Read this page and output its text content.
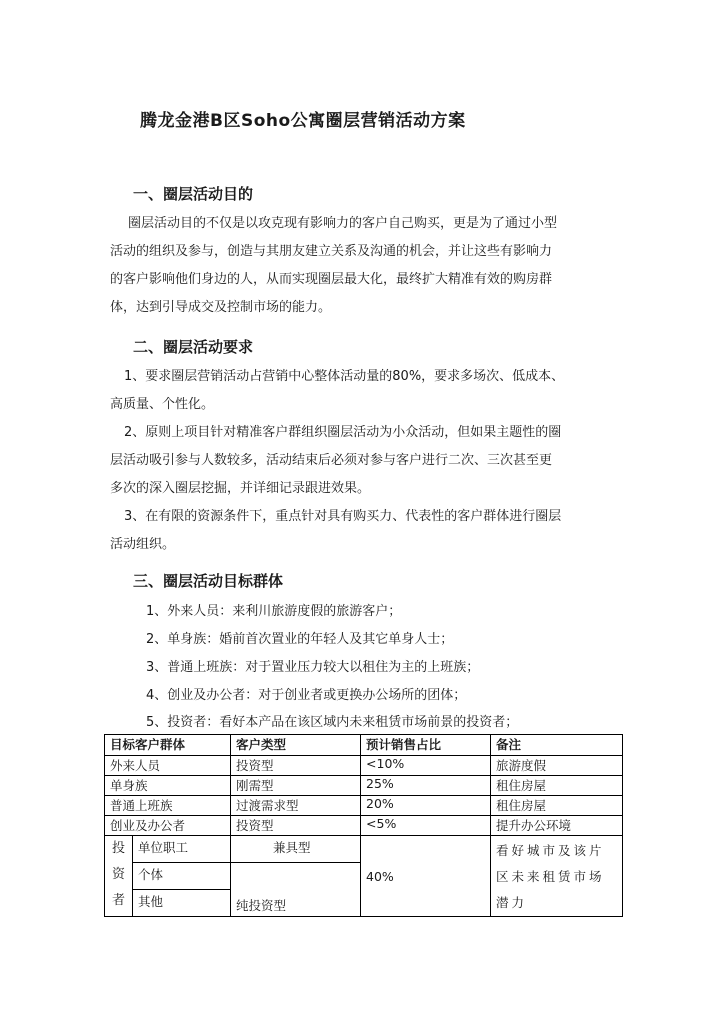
腾龙金港B区Soho公寓圈层营销活动方案
一、圈层活动目的
圈层活动目的不仅是以攻克现有影响力的客户自己购买，更是为了通过小型
活动的组织及参与，创造与其朋友建立关系及沟通的机会，并让这些有影响力
的客户影响他们身边的人，从而实现圈层最大化，最终扩大精准有效的购房群
体，达到引导成交及控制市场的能力。
二、圈层活动要求
1、要求圈层营销活动占营销中心整体活动量的80%，要求多场次、低成本、
高质量、个性化。
2、原则上项目针对精准客户群组织圈层活动为小众活动，但如果主题性的圈
层活动吸引参与人数较多，活动结束后必须对参与客户进行二次、三次甚至更
多次的深入圈层挖掘，并详细记录跟进效果。
3、在有限的资源条件下，重点针对具有购买力、代表性的客户群体进行圈层
活动组织。
三、圈层活动目标群体
1、外来人员：来利川旅游度假的旅游客户；
2、单身族：婚前首次置业的年轻人及其它单身人士；
3、普通上班族：对于置业压力较大以租住为主的上班族；
4、创业及办公者：对于创业者或更换办公场所的团体；
5、投资者：看好本产品在该区域内未来租赁市场前景的投资者；
目标客户群体		客户类型	预计销售占比	备注
外来人员		投资型	<10%	旅游度假
单身族		刚需型	25%	租住房屋
普通上班族		过渡需求型	20%	租住房屋
创业及办公者		投资型	<5%	提升办公环境

投资者	单位职工	兼具型	40%	看好城市及该片区未来租赁市场潜力
	个体	纯投资型		
	其他			
